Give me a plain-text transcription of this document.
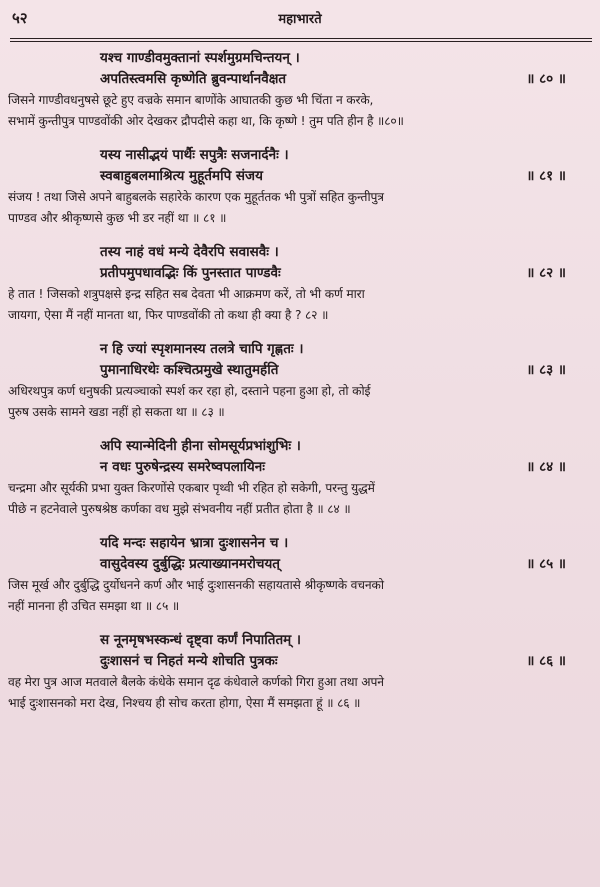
५२	महाभारते
यश्च गाण्डीवमुक्तानां स्पर्शमुग्रमचिन्तयन् ।
अपतिस्त्वमसि कृष्णेति ब्रुवन्पार्थानवैक्षत	॥ ८० ॥
जिसने गाण्डीवधनुषसे छूटे हुए वज्रके समान बाणोंके आघातकी कुछ भी चिंता न करके,
सभामें कुन्तीपुत्र पाण्डवोंकी ओर देखकर द्रौपदीसे कहा था, कि कृष्णे ! तुम पति हीन है ॥८०॥
यस्य नासीद्भयं पार्थैः सपुत्रैः सजनार्दनैः ।
स्वबाहुबलमाश्रित्य मुहूर्तमपि संजय	॥ ८१ ॥
संजय ! तथा जिसे अपने बाहुबलके सहारेके कारण एक मुहूर्ततक भी पुत्रों सहित कुन्तीपुत्र
पाण्डव और श्रीकृष्णसे कुछ भी डर नहीं था ॥ ८१ ॥
तस्य नाहं वधं मन्ये देवैरपि सवासवैः ।
प्रतीपमुपधावद्भिः किं पुनस्तात पाण्डवैः	॥ ८२ ॥
हे तात ! जिसको शत्रुपक्षसे इन्द्र सहित सब देवता भी आक्रमण करें, तो भी कर्ण मारा
जायगा, ऐसा मैं नहीं मानता था, फिर पाण्डवोंकी तो कथा ही क्या है ? ८२ ॥
न हि ज्यां स्पृशमानस्य तलत्रे चापि गृह्णतः ।
पुमानाधिरथेः कश्चित्प्रमुखे स्थातुमर्हति	॥ ८३ ॥
अधिरथपुत्र कर्ण धनुषकी प्रत्यञ्चाको स्पर्श कर रहा हो, दस्ताने पहना हुआ हो, तो कोई
पुरुष उसके सामने खडा नहीं हो सकता था ॥ ८३ ॥
अपि स्यान्मेदिनी हीना सोमसूर्यप्रभांशुभिः ।
न वधः पुरुषेन्द्रस्य समरेष्वपलायिनः	॥ ८४ ॥
चन्द्रमा और सूर्यकी प्रभा युक्त किरणोंसे एकबार पृथ्वी भी रहित हो सकेगी, परन्तु युद्धमें
पीछे न हटनेवाले पुरुषश्रेष्ठ कर्णका वध मुझे संभवनीय नहीं प्रतीत होता है ॥ ८४ ॥
यदि मन्दः सहायेन भ्रात्रा दुःशासनेन च ।
वासुदेवस्य दुर्बुद्धिः प्रत्याख्यानमरोचयत्	॥ ८५ ॥
जिस मूर्ख और दुर्बुद्धि दुर्योधनने कर्ण और भाई दुःशासनकी सहायतासे श्रीकृष्णके वचनको
नहीं मानना ही उचित समझा था ॥ ८५ ॥
स नूनमृषभस्कन्धं दृष्ट्वा कर्णं निपातितम् ।
दुःशासनं च निहतं मन्ये शोचति पुत्रकः	॥ ८६ ॥
वह मेरा पुत्र आज मतवाले बैलके कंधेके समान दृढ कंधेवाले कर्णको गिरा हुआ तथा अपने
भाई दुःशासनको मरा देख, निश्चय ही सोच करता होगा, ऐसा मैं समझता हूं ॥ ८६ ॥
